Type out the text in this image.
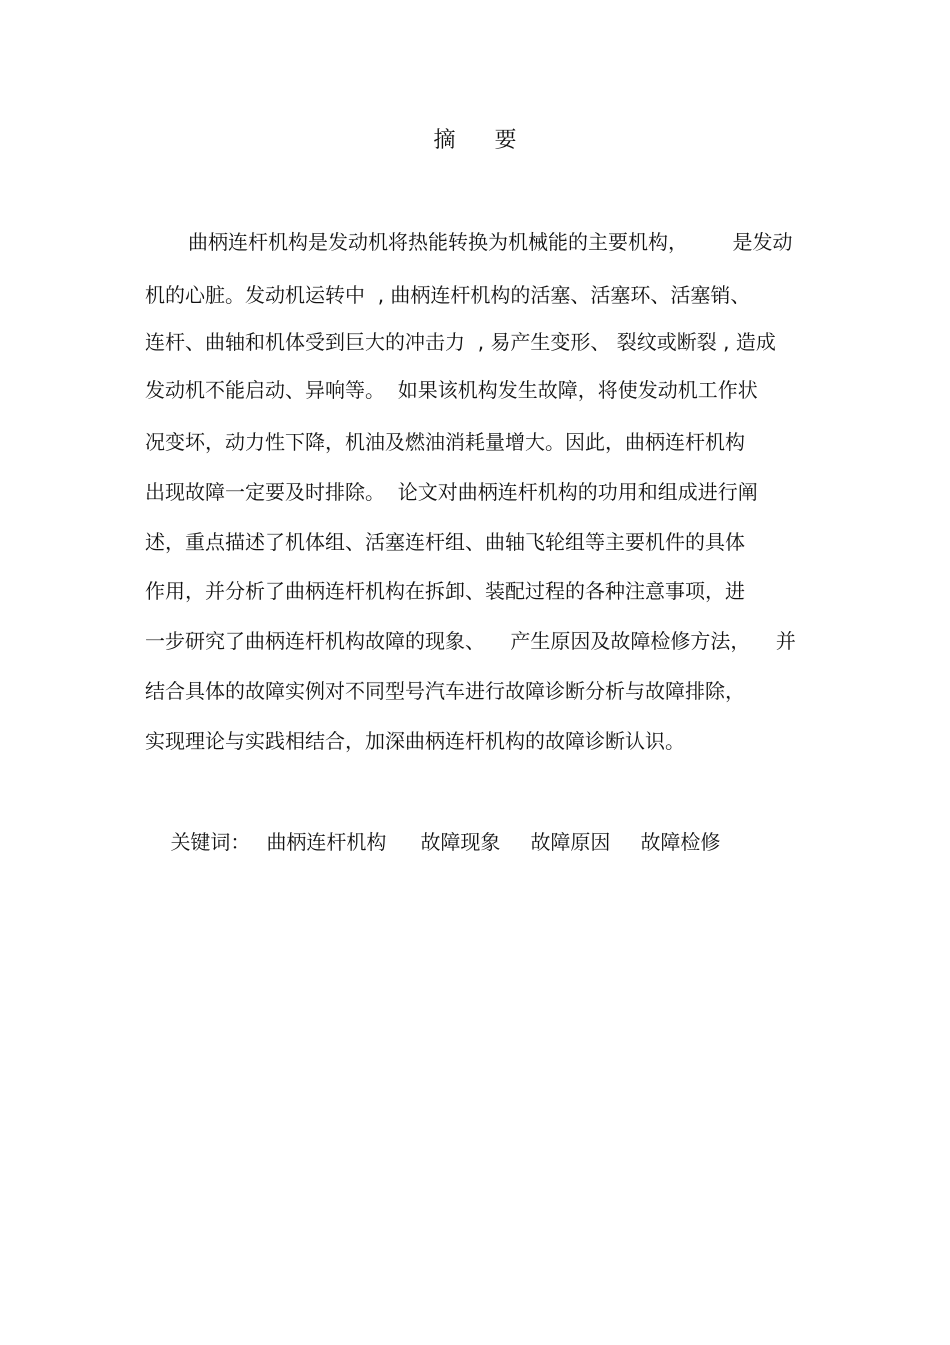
摘 要
曲柄连杆机构是发动机将热能转换为机械能的主要机构，       是发动
机的心脏。发动机运转中  , 曲柄连杆机构的活塞、活塞环、活塞销、
连杆、曲轴和机体受到巨大的冲击力  , 易产生变形、 裂纹或断裂 , 造成
发动机不能启动、异响等。  如果该机构发生故障，将使发动机工作状
况变坏，动力性下降，机油及燃油消耗量增大。因此，曲柄连杆机构
出现故障一定要及时排除。  论文对曲柄连杆机构的功用和组成进行阐
述，重点描述了机体组、活塞连杆组、曲轴飞轮组等主要机件的具体
作用，并分析了曲柄连杆机构在拆卸、装配过程的各种注意事项，进
一步研究了曲柄连杆机构故障的现象、    产生原因及故障检修方法，    并
结合具体的故障实例对不同型号汽车进行故障诊断分析与故障排除，
实现理论与实践相结合，加深曲柄连杆机构的故障诊断认识。

关键词： 曲柄连杆机构 故障现象 故障原因 故障检修
